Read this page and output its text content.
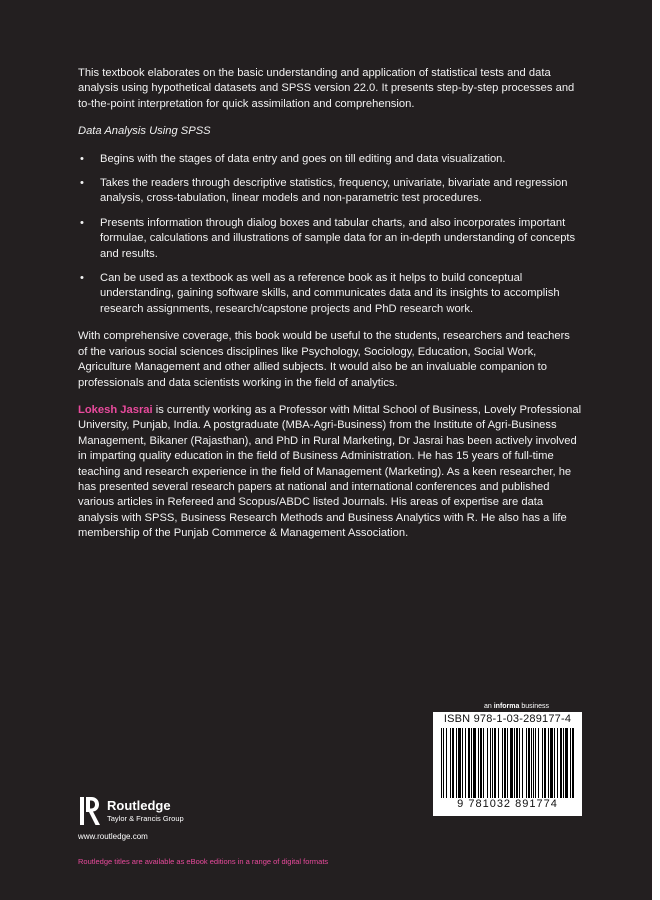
This textbook elaborates on the basic understanding and application of statistical tests and data analysis using hypothetical datasets and SPSS version 22.0. It presents step-by-step processes and to-the-point interpretation for quick assimilation and comprehension.

Data Analysis Using SPSS

• Begins with the stages of data entry and goes on till editing and data visualization.
• Takes the readers through descriptive statistics, frequency, univariate, bivariate and regression analysis, cross-tabulation, linear models and non-parametric test procedures.
• Presents information through dialog boxes and tabular charts, and also incorporates important formulae, calculations and illustrations of sample data for an in-depth understanding of concepts and results.
• Can be used as a textbook as well as a reference book as it helps to build conceptual understanding, gaining software skills, and communicates data and its insights to accomplish research assignments, research/capstone projects and PhD research work.

With comprehensive coverage, this book would be useful to the students, researchers and teachers of the various social sciences disciplines like Psychology, Sociology, Education, Social Work, Agriculture Management and other allied subjects. It would also be an invaluable companion to professionals and data scientists working in the field of analytics.

Lokesh Jasrai is currently working as a Professor with Mittal School of Business, Lovely Professional University, Punjab, India. A postgraduate (MBA-Agri-Business) from the Institute of Agri-Business Management, Bikaner (Rajasthan), and PhD in Rural Marketing, Dr Jasrai has been actively involved in imparting quality education in the field of Business Administration. He has 15 years of full-time teaching and research experience in the field of Management (Marketing). As a keen researcher, he has presented several research papers at national and international conferences and published various articles in Refereed and Scopus/ABDC listed Journals. His areas of expertise are data analysis with SPSS, Business Research Methods and Business Analytics with R. He also has a life membership of the Punjab Commerce & Management Association.

an informa business
ISBN 978-1-03-289177-4
9 781032 891774
Routledge
Taylor & Francis Group
www.routledge.com
Routledge titles are available as eBook editions in a range of digital formats
